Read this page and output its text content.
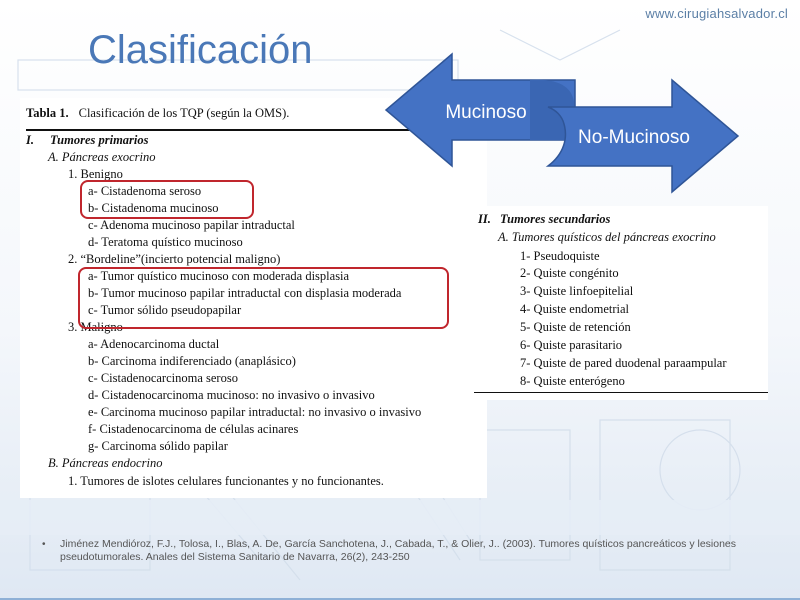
www.cirugiahsalvador.cl
Clasificación
Tabla 1. Clasificación de los TQP (según la OMS).
I. Tumores primarios
A. Páncreas exocrino
1. Benigno
a- Cistadenoma seroso
b- Cistadenoma mucinoso
c- Adenoma mucinoso papilar intraductal
d- Teratoma quístico mucinoso
2. “Bordeline”(incierto potencial maligno)
a- Tumor quístico mucinoso con moderada displasia
b- Tumor mucinoso papilar intraductal con displasia moderada
c- Tumor sólido pseudopapilar
3. Maligno
a- Adenocarcinoma ductal
b- Carcinoma indiferenciado (anaplásico)
c- Cistadenocarcinoma seroso
d- Cistadenocarcinoma mucinoso: no invasivo o invasivo
e- Carcinoma mucinoso papilar intraductal: no invasivo o invasivo
f- Cistadenocarcinoma de células acinares
g- Carcinoma sólido papilar
B. Páncreas endocrino
1. Tumores de islotes celulares funcionantes y no funcionantes.
II. Tumores secundarios
A. Tumores quísticos del páncreas exocrino
1- Pseudoquiste
2- Quiste congénito
3- Quiste linfoepitelial
4- Quiste endometrial
5- Quiste de retención
6- Quiste parasitario
7- Quiste de pared duodenal paraampular
8- Quiste enterógeno
Mucinoso
No-Mucinoso
• Jiménez Mendióroz, F.J., Tolosa, I., Blas, A. De, García Sanchotena, J., Cabada, T., & Olier, J.. (2003). Tumores quísticos pancreáticos y lesiones pseudotumorales. Anales del Sistema Sanitario de Navarra, 26(2), 243-250
